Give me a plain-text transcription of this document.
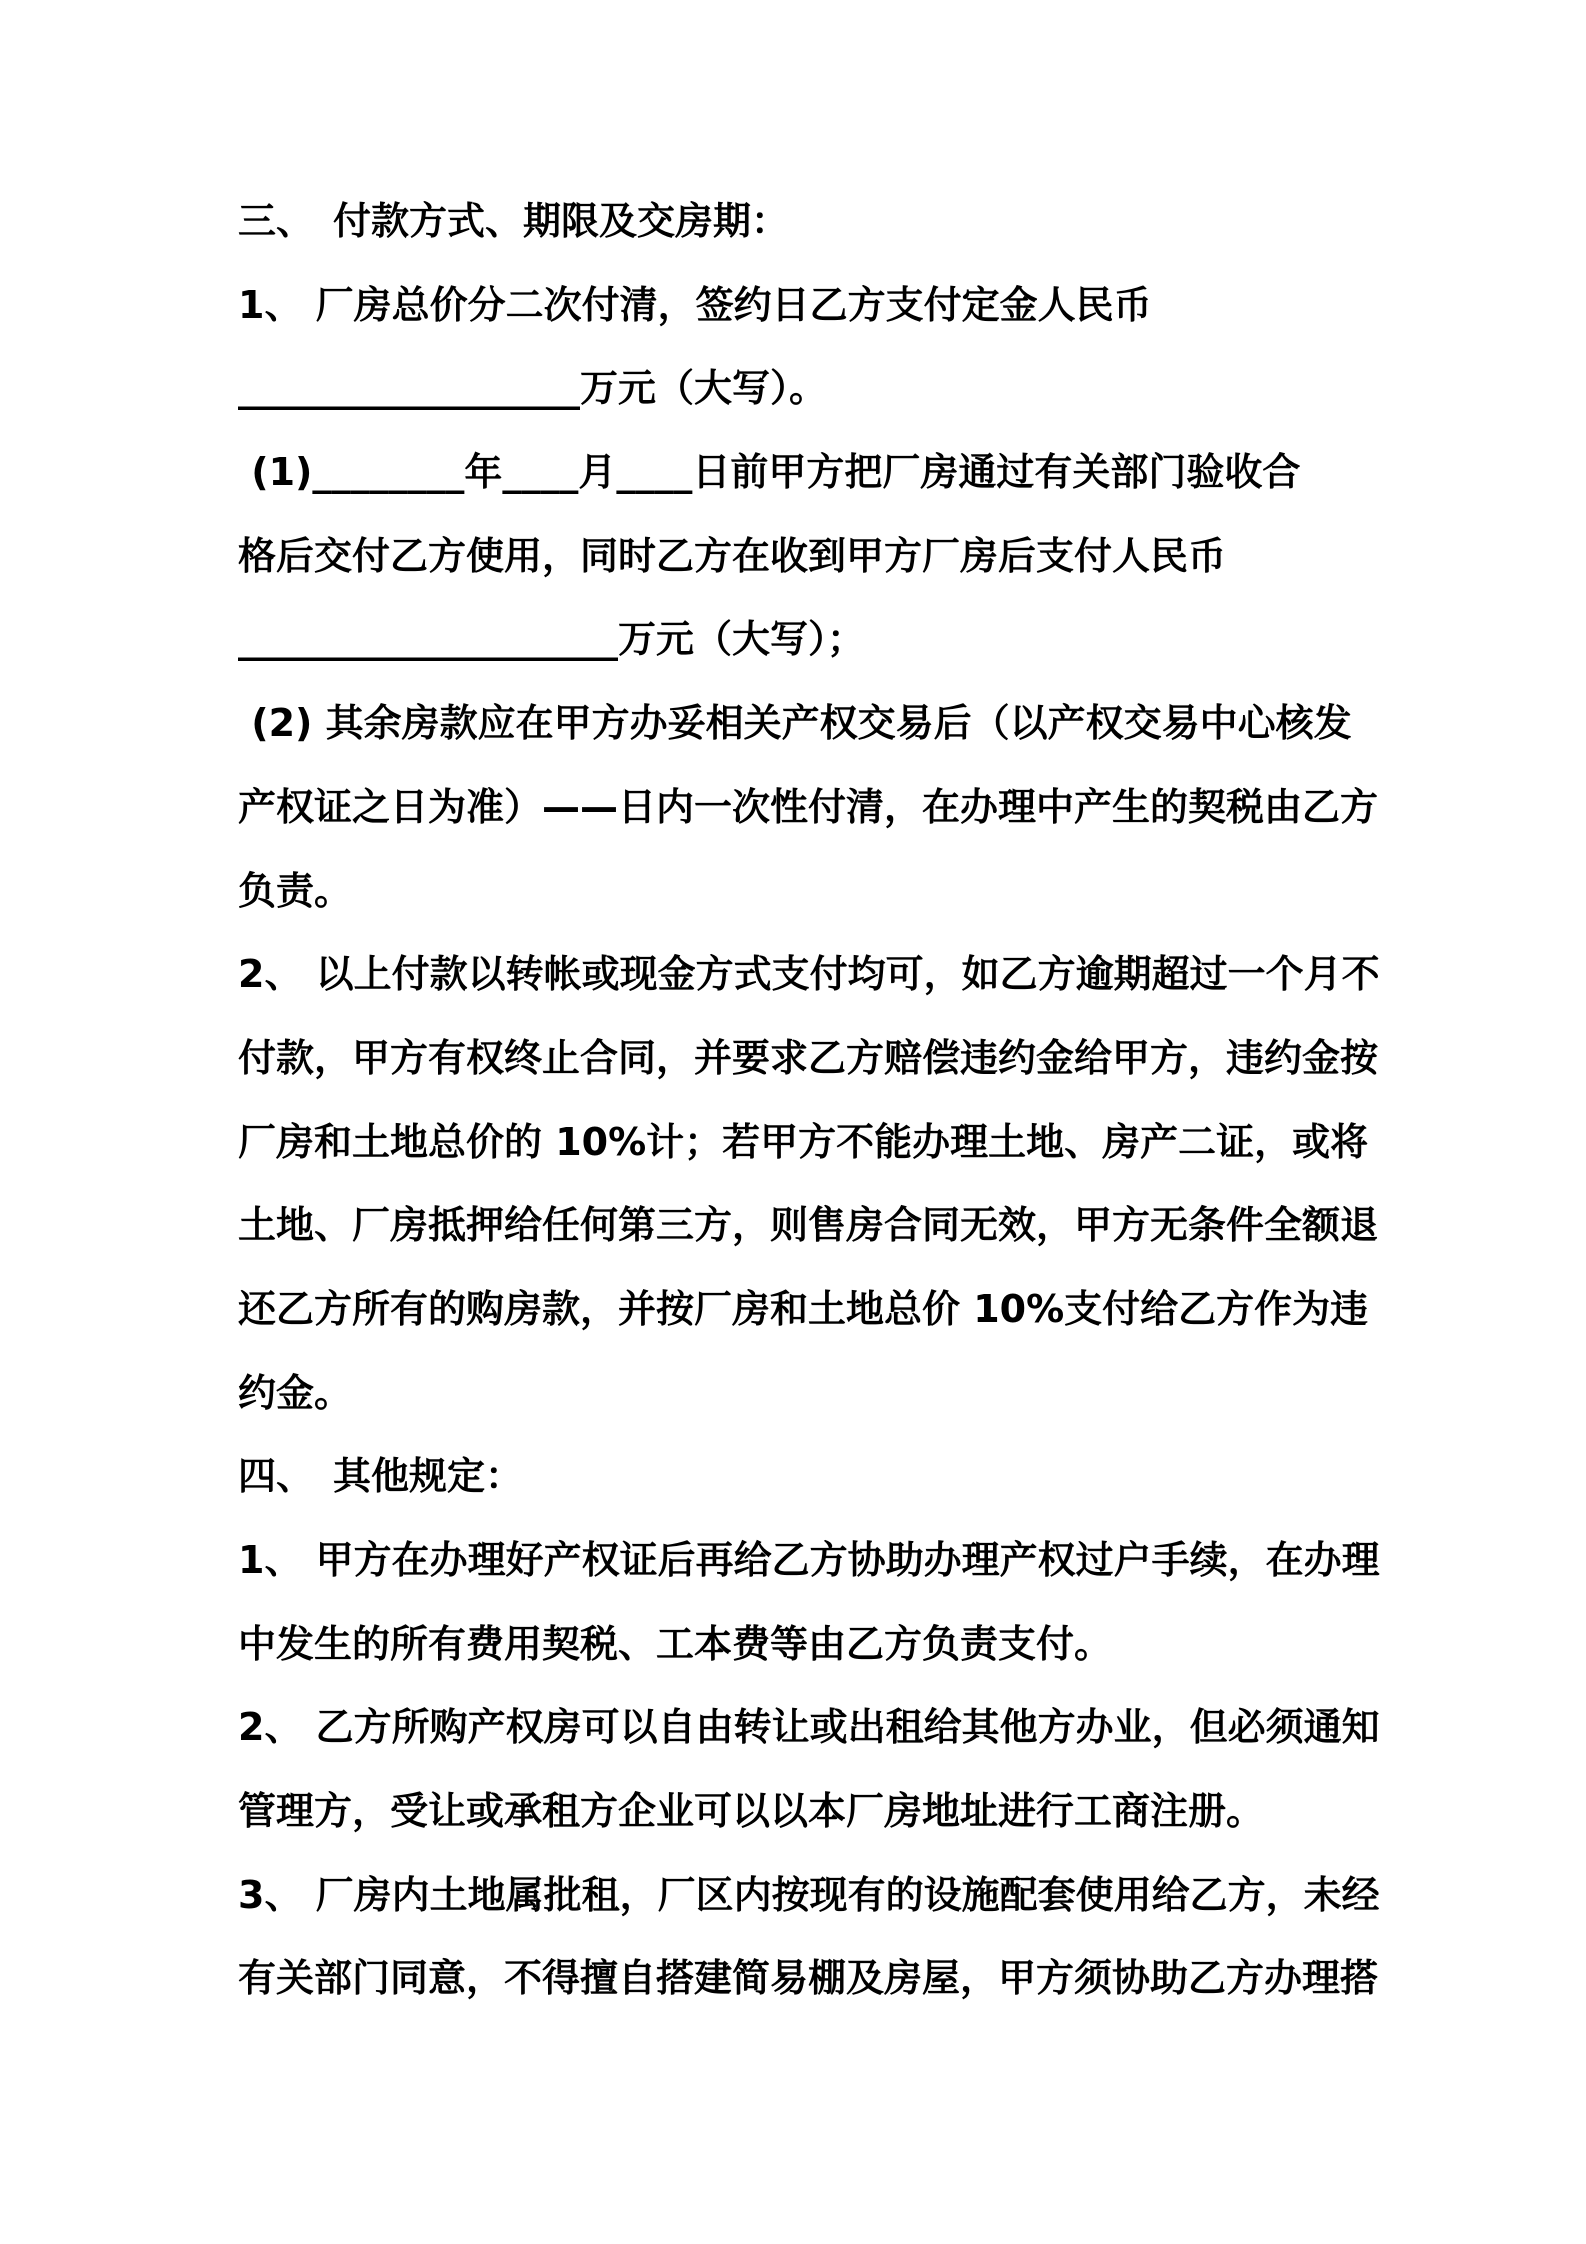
三、　付款方式、期限及交房期：
1、 厂房总价分二次付清，签约日乙方支付定金人民币
__________________万元（大写）。
(1)________年____月____日前甲方把厂房通过有关部门验收合
格后交付乙方使用，同时乙方在收到甲方厂房后支付人民币
____________________万元（大写）；
(2) 其余房款应在甲方办妥相关产权交易后（以产权交易中心核发
产权证之日为准）——日内一次性付清，在办理中产生的契税由乙方
负责。
2、 以上付款以转帐或现金方式支付均可，如乙方逾期超过一个月不
付款，甲方有权终止合同，并要求乙方赔偿违约金给甲方，违约金按
厂房和土地总价的 10%计；若甲方不能办理土地、房产二证，或将
土地、厂房抵押给任何第三方，则售房合同无效，甲方无条件全额退
还乙方所有的购房款，并按厂房和土地总价 10%支付给乙方作为违
约金。
四、　其他规定：
1、 甲方在办理好产权证后再给乙方协助办理产权过户手续，在办理
中发生的所有费用契税、工本费等由乙方负责支付。
2、 乙方所购产权房可以自由转让或出租给其他方办业，但必须通知
管理方，受让或承租方企业可以以本厂房地址进行工商注册。
3、 厂房内土地属批租，厂区内按现有的设施配套使用给乙方，未经
有关部门同意，不得擅自搭建简易棚及房屋，甲方须协助乙方办理搭
